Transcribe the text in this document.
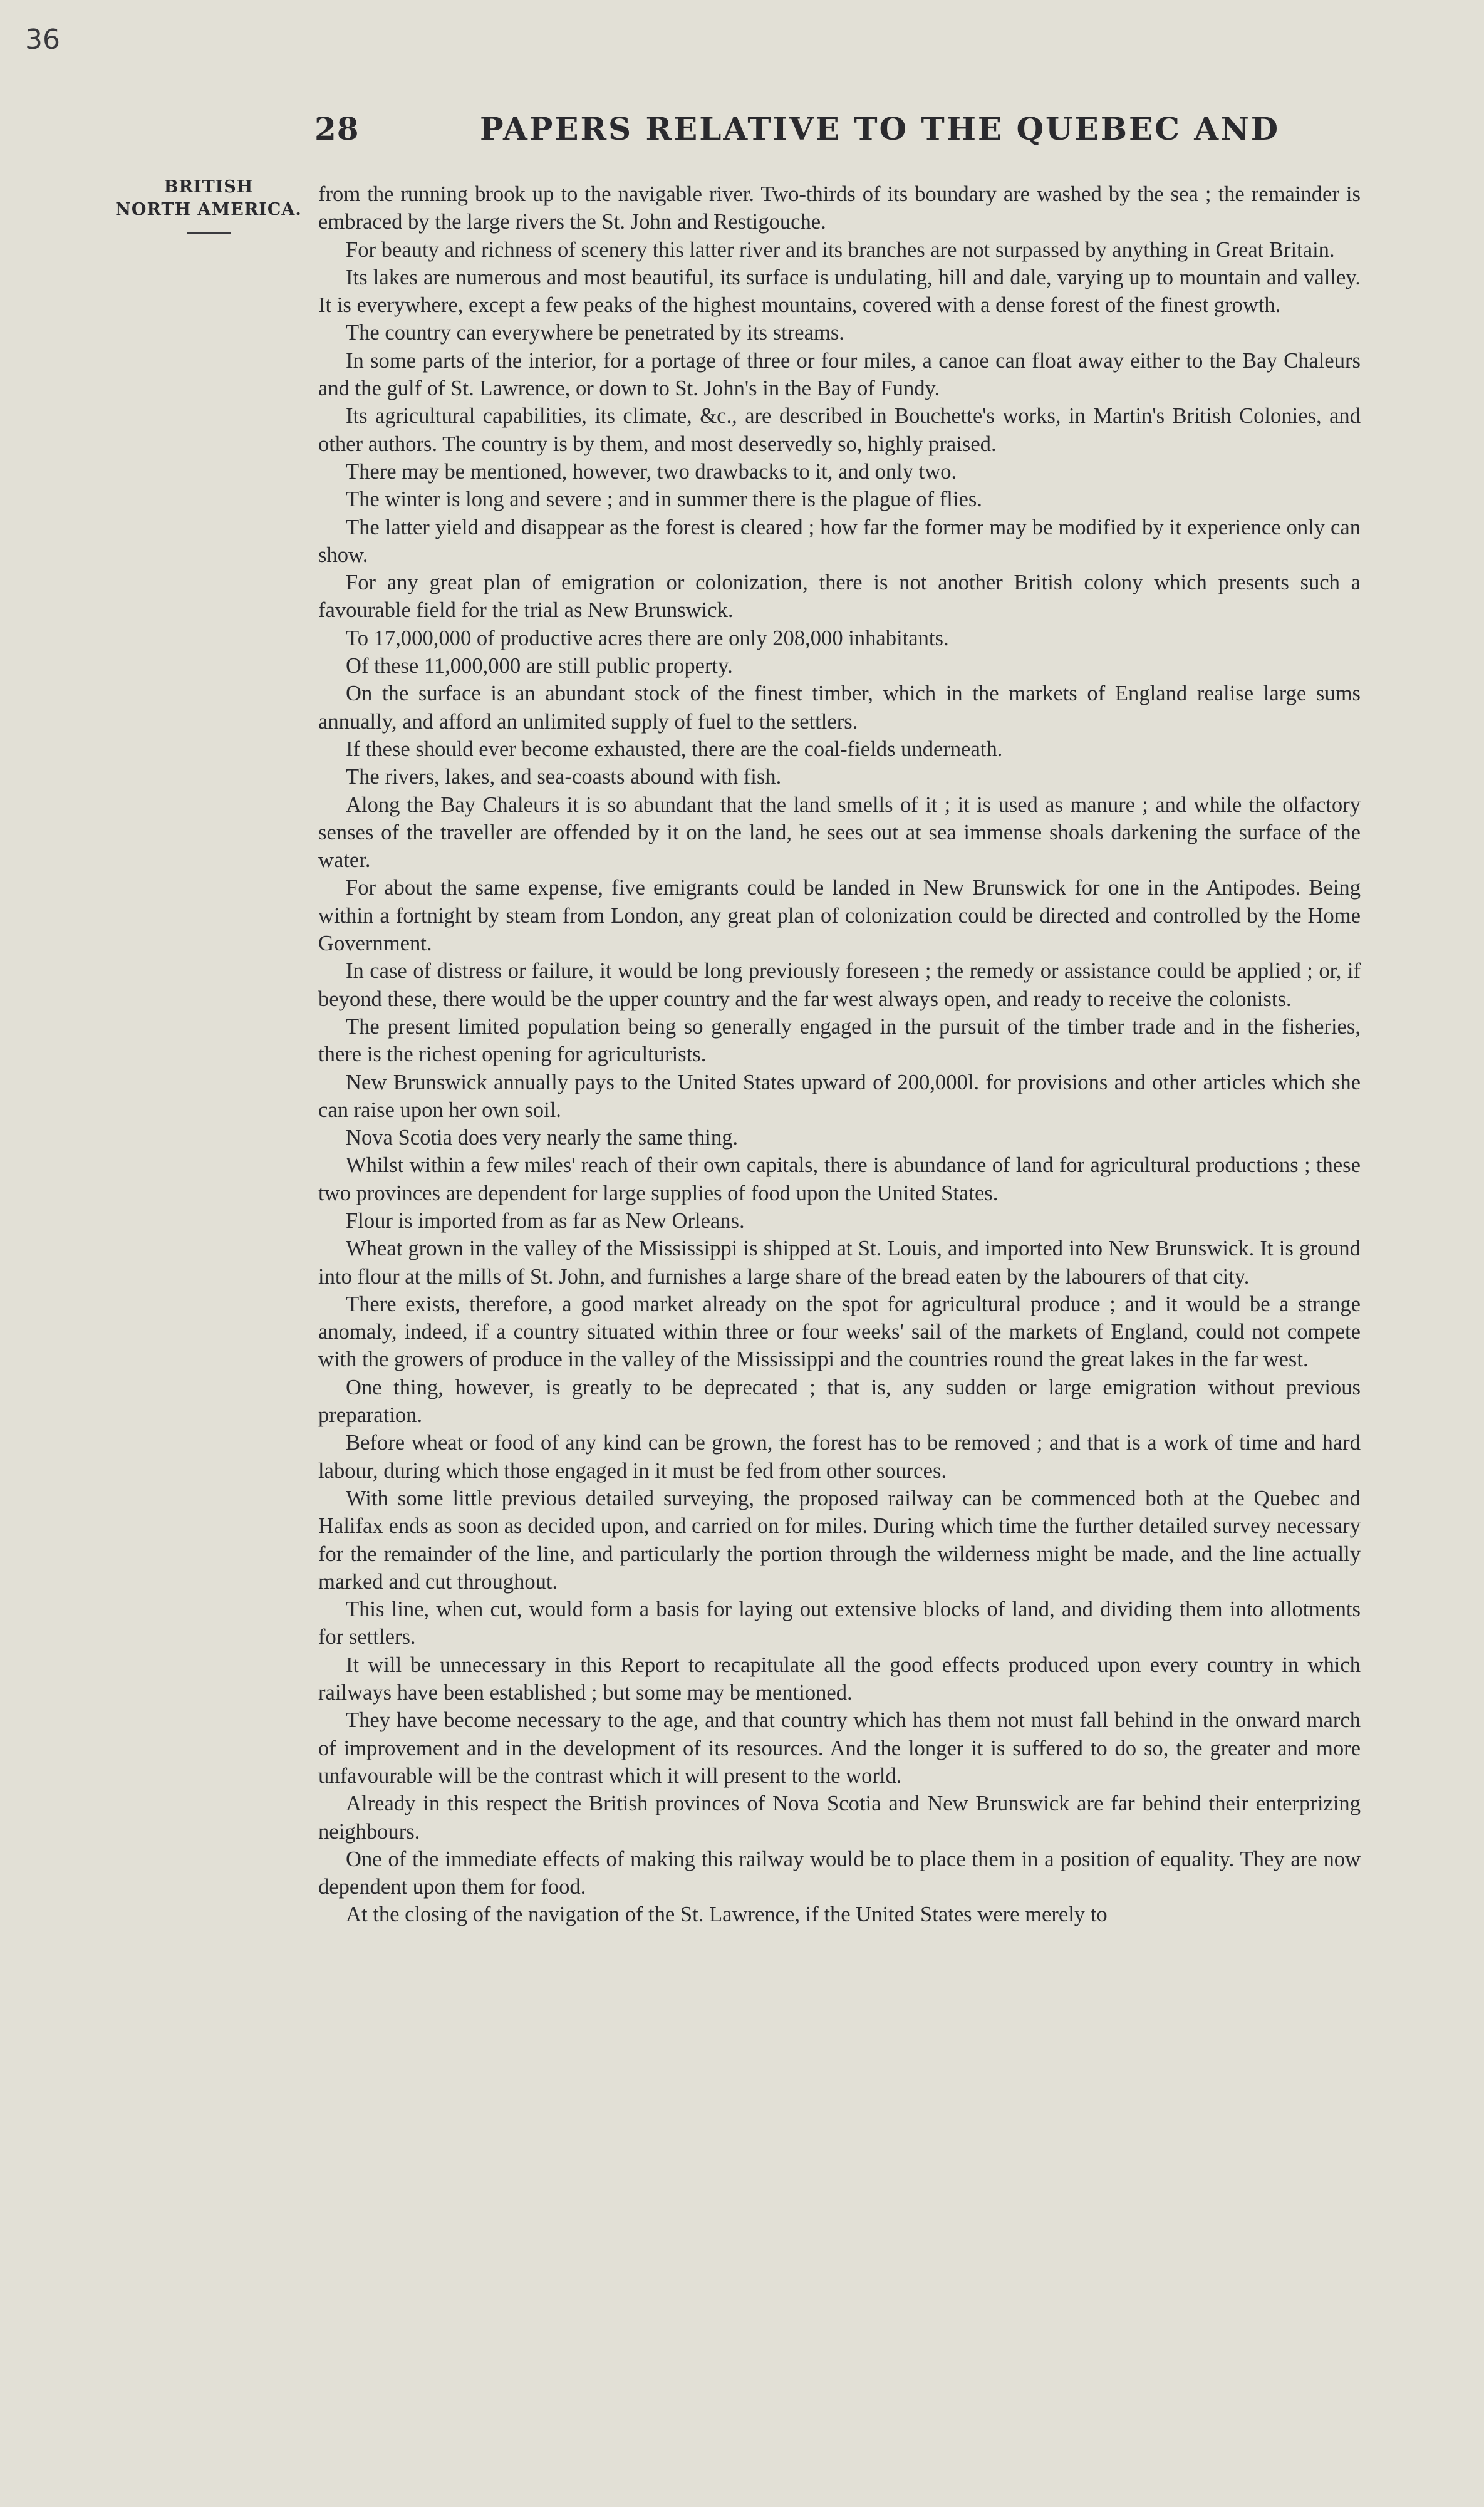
36
28	PAPERS RELATIVE TO THE QUEBEC AND
BRITISH
NORTH AMERICA.

from the running brook up to the navigable river. Two-thirds of its boundary are washed by the sea ; the remainder is embraced by the large rivers the St. John and Restigouche.

For beauty and richness of scenery this latter river and its branches are not surpassed by anything in Great Britain.

Its lakes are numerous and most beautiful, its surface is undulating, hill and dale, varying up to mountain and valley. It is everywhere, except a few peaks of the highest mountains, covered with a dense forest of the finest growth.

The country can everywhere be penetrated by its streams.

In some parts of the interior, for a portage of three or four miles, a canoe can float away either to the Bay Chaleurs and the gulf of St. Lawrence, or down to St. John's in the Bay of Fundy.

Its agricultural capabilities, its climate, &c., are described in Bouchette's works, in Martin's British Colonies, and other authors. The country is by them, and most deservedly so, highly praised.

There may be mentioned, however, two drawbacks to it, and only two.

The winter is long and severe ; and in summer there is the plague of flies.

The latter yield and disappear as the forest is cleared ; how far the former may be modified by it experience only can show.

For any great plan of emigration or colonization, there is not another British colony which presents such a favourable field for the trial as New Brunswick.

To 17,000,000 of productive acres there are only 208,000 inhabitants.

Of these 11,000,000 are still public property.

On the surface is an abundant stock of the finest timber, which in the markets of England realise large sums annually, and afford an unlimited supply of fuel to the settlers.

If these should ever become exhausted, there are the coal-fields underneath.

The rivers, lakes, and sea-coasts abound with fish.

Along the Bay Chaleurs it is so abundant that the land smells of it ; it is used as manure ; and while the olfactory senses of the traveller are offended by it on the land, he sees out at sea immense shoals darkening the surface of the water.

For about the same expense, five emigrants could be landed in New Brunswick for one in the Antipodes. Being within a fortnight by steam from London, any great plan of colonization could be directed and controlled by the Home Government.

In case of distress or failure, it would be long previously foreseen ; the remedy or assistance could be applied ; or, if beyond these, there would be the upper country and the far west always open, and ready to receive the colonists.

The present limited population being so generally engaged in the pursuit of the timber trade and in the fisheries, there is the richest opening for agriculturists.

New Brunswick annually pays to the United States upward of 200,000l. for provisions and other articles which she can raise upon her own soil.

Nova Scotia does very nearly the same thing.

Whilst within a few miles' reach of their own capitals, there is abundance of land for agricultural productions ; these two provinces are dependent for large supplies of food upon the United States.

Flour is imported from as far as New Orleans.

Wheat grown in the valley of the Mississippi is shipped at St. Louis, and imported into New Brunswick. It is ground into flour at the mills of St. John, and furnishes a large share of the bread eaten by the labourers of that city.

There exists, therefore, a good market already on the spot for agricultural produce ; and it would be a strange anomaly, indeed, if a country situated within three or four weeks' sail of the markets of England, could not compete with the growers of produce in the valley of the Mississippi and the countries round the great lakes in the far west.

One thing, however, is greatly to be deprecated ; that is, any sudden or large emigration without previous preparation.

Before wheat or food of any kind can be grown, the forest has to be removed ; and that is a work of time and hard labour, during which those engaged in it must be fed from other sources.

With some little previous detailed surveying, the proposed railway can be commenced both at the Quebec and Halifax ends as soon as decided upon, and carried on for miles. During which time the further detailed survey necessary for the remainder of the line, and particularly the portion through the wilderness might be made, and the line actually marked and cut throughout.

This line, when cut, would form a basis for laying out extensive blocks of land, and dividing them into allotments for settlers.

It will be unnecessary in this Report to recapitulate all the good effects produced upon every country in which railways have been established ; but some may be mentioned.

They have become necessary to the age, and that country which has them not must fall behind in the onward march of improvement and in the development of its resources. And the longer it is suffered to do so, the greater and more unfavourable will be the contrast which it will present to the world.

Already in this respect the British provinces of Nova Scotia and New Brunswick are far behind their enterprizing neighbours.

One of the immediate effects of making this railway would be to place them in a position of equality. They are now dependent upon them for food.

At the closing of the navigation of the St. Lawrence, if the United States were merely to
